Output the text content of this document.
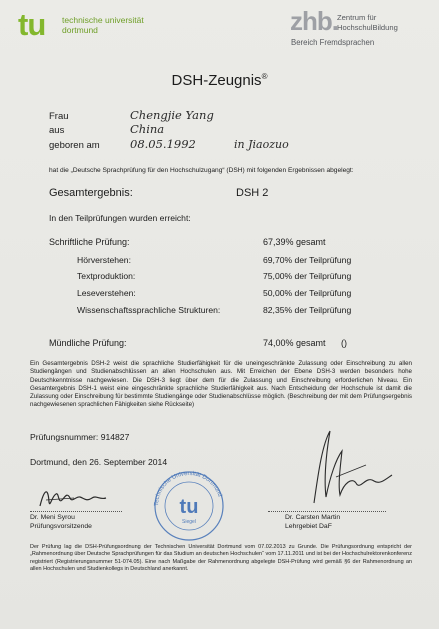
tu technische universität
dortmund	zhb. Zentrum für
HochschulBildung
Bereich Fremdsprachen
DSH-Zeugnis®
Frau	Chengjie Yang
aus	China
geboren am	08.05.1992	in Jiaozuo
hat die „Deutsche Sprachprüfung für den Hochschulzugang“ (DSH) mit folgenden Ergebnissen abgelegt:
Gesamtergebnis:	DSH 2
In den Teilprüfungen wurden erreicht:
Schriftliche Prüfung:	67,39% gesamt
Hörverstehen:	69,70% der Teilprüfung
Textproduktion:	75,00% der Teilprüfung
Leseverstehen:	50,00% der Teilprüfung
Wissenschaftssprachliche Strukturen:	82,35% der Teilprüfung
Mündliche Prüfung:	74,00% gesamt ()
Ein Gesamtergebnis DSH-2 weist die sprachliche Studierfähigkeit für die uneingeschränkte Zulassung oder Einschreibung zu allen Studiengängen und Studienabschlüssen an allen Hochschulen aus. Mit Erreichen der Ebene DSH-3 werden besonders hohe Deutschkenntnisse nachgewiesen. Die DSH-3 liegt über dem für die Zulassung und Einschreibung erforderlichen Niveau. Ein Gesamtergebnis DSH-1 weist eine eingeschränkte sprachliche Studierfähigkeit aus. Nach Entscheidung der Hochschule ist damit die Zulassung oder Einschreibung für bestimmte Studiengänge oder Studienabschlüsse möglich. (Beschreibung der mit dem Prüfungsergebnis nachgewiesenen sprachlichen Fähigkeiten siehe Rückseite)
Prüfungsnummer: 914827
Dortmund, den 26. September 2014
Dr. Meni Syrou
Prüfungsvorsitzende
Dr. Carsten Martin
Lehrgebiet DaF
Technische Universität Dortmund
tu
Siegel
Der Prüfung lag die DSH-Prüfungsordnung der Technischen Universität Dortmund vom 07.02.2013 zu Grunde. Die Prüfungsordnung entspricht der „Rahmenordnung über Deutsche Sprachprüfungen für das Studium an deutschen Hochschulen“ vom 17.11.2011 und ist bei der Hochschulrektorenkonferenz registriert (Registrierungsnummer 51-074.05). Eine nach Maßgabe der Rahmenordnung abgelegte DSH-Prüfung wird gemäß §6 der Rahmenordnung an allen Hochschulen und Studienkollegs in Deutschland anerkannt.
